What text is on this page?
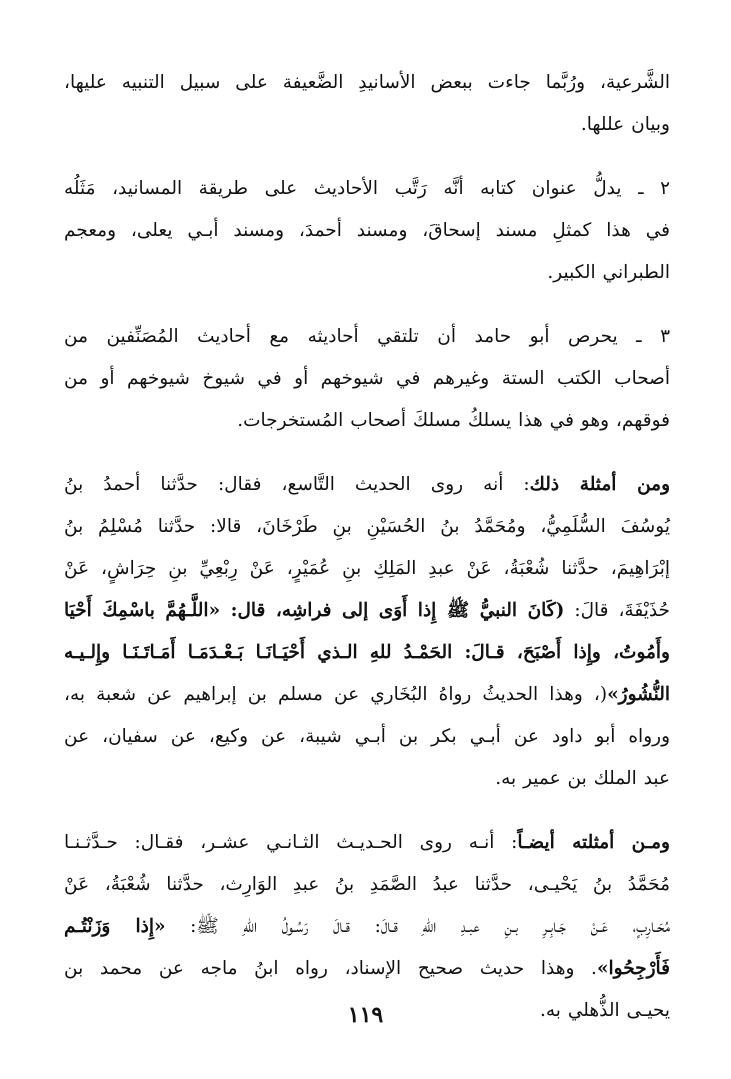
الشَّرعية، ورُبَّما جاءت ببعض الأسانيدِ الضَّعيفة على سبيل التنبيه عليها،
وبيان عللها.

٢ ـ يدلُّ عنوان كتابه أنَّه رَتَّب الأحاديث على طريقة المسانيد، مَثَلُه
في هذا كمثلِ مسند إسحاقَ، ومسند أحمدَ، ومسند أبـي يعلى، ومعجم
الطبراني الكبير.

٣ ـ يحرص أبو حامد أن تلتقي أحاديثه مع أحاديث المُصَنِّفين من
أصحاب الكتب الستة وغيرهم في شيوخهم أو في شيوخ شيوخهم أو من
فوقهم، وهو في هذا يسلكُ مسلكَ أصحاب المُستخرجات.

ومن أمثلة ذلك: أنه روى الحديث التَّاسع، فقال: حدَّثنا أحمدُ بنُ
يُوسُفَ السُّلَمِيُّ، ومُحَمَّدُ بنُ الحُسَيْنِ بنِ طَرْخَانَ، قالا: حدَّثنا مُسْلِمُ بنُ
إبْرَاهِيمَ، حدَّثنا شُعْبَةُ، عَنْ عبدِ المَلِكِ بنِ عُمَيْرٍ، عَنْ رِبْعِيِّ بنِ حِرَاشٍ، عَنْ
حُذَيْفَةَ، قالَ: (كَانَ النبيُّ ﷺ إِذا أَوَى إلى فراشِه، قال: «اللَّـهُمَّ باسْمِكَ أَحْيَا
وأَمُوتُ، وإِذا أَصْبَحَ، قـالَ: الحَمْـدُ للهِ الـذي أَحْيَـانَـا بَـعْـدَمَـا أَمَـاتَـنَـا وإِلـيـه
النُّشُورُ»(، وهذا الحديثُ رواهُ البُخَاري عن مسلم بن إبراهيم عن شعبة به،
ورواه أبو داود عن أبـي بكر بن أبـي شيبة، عن وكيع، عن سفيان، عن
عبد الملك بن عمير به.

ومـن أمثلته أيضـاً: أنـه روى الحـديـث الثـانـي عشـر، فقـال: حـدَّثـنـا
مُحَمَّدُ بنُ يَحْيـى، حدَّثنا عبدُ الصَّمَدِ بنُ عبدِ الوَارِث، حدَّثنا شُعْبَةُ، عَنْ
مُحَـارِبٍ، عَـنْ جَـابِـرِ بـنِ عبـدِ اللهِ قـالَ: قـالَ رَسُـولُ اللهِ ﷺ: «إِذا وَزَنْتُـم
فَأَرْجِحُوا». وهذا حديث صحيح الإسناد، رواه ابنُ ماجه عن محمد بن
يحيـى الذُّهلي به.

١١٩
